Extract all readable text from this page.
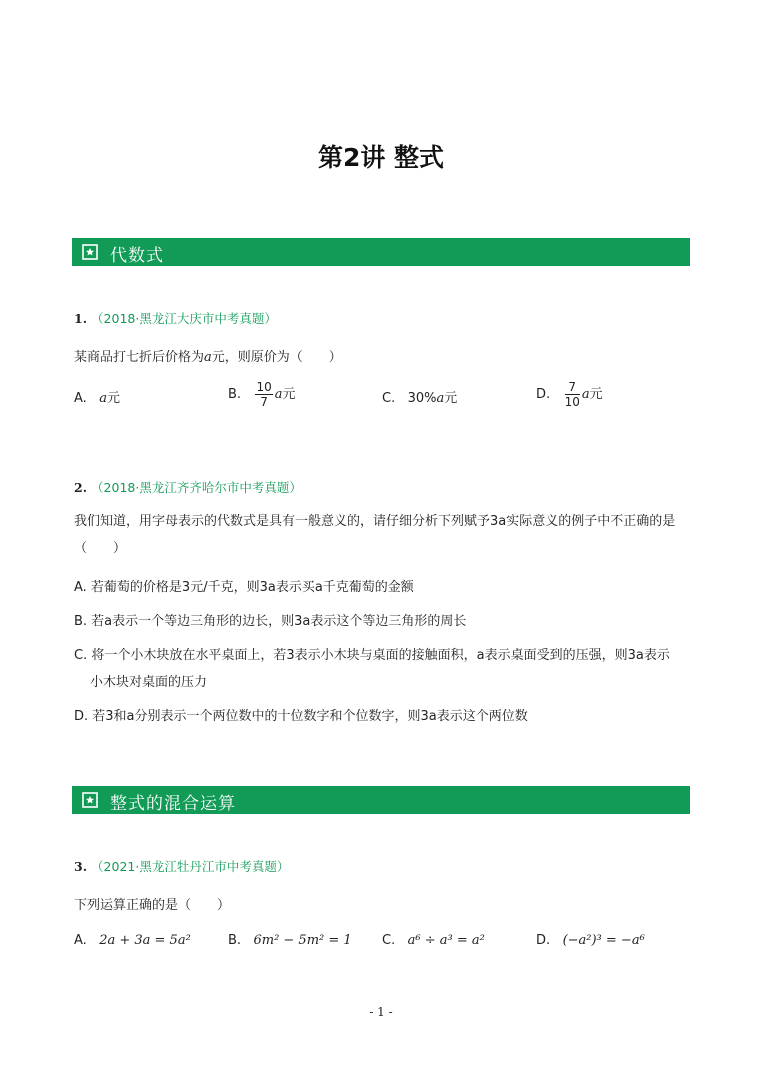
第2讲 整式
代数式
1. （2018·黑龙江大庆市中考真题）
某商品打七折后价格为a元，则原价为（　　）
A. a元	B. $\frac{10}{7}$ a元	C. 30%a元	D. $\frac{7}{10}$ a元
2. （2018·黑龙江齐齐哈尔市中考真题）
我们知道，用字母表示的代数式是具有一般意义的，请仔细分析下列赋予3a实际意义的例子中不正确的是
（　　）
A. 若葡萄的价格是3元/千克，则3a表示买a千克葡萄的金额
B. 若a表示一个等边三角形的边长，则3a表示这个等边三角形的周长
C. 将一个小木块放在水平桌面上，若3表示小木块与桌面的接触面积，a表示桌面受到的压强，则3a表示
小木块对桌面的压力
D. 若3和a分别表示一个两位数中的十位数字和个位数字，则3a表示这个两位数
整式的混合运算
3. （2021·黑龙江牡丹江市中考真题）
下列运算正确的是（　　）
A. 2a + 3a = 5a²	B. 6m² − 5m² = 1 C. a⁶ ÷ a³ = a²	D. (−a²)³ = −a⁶
- 1 -
